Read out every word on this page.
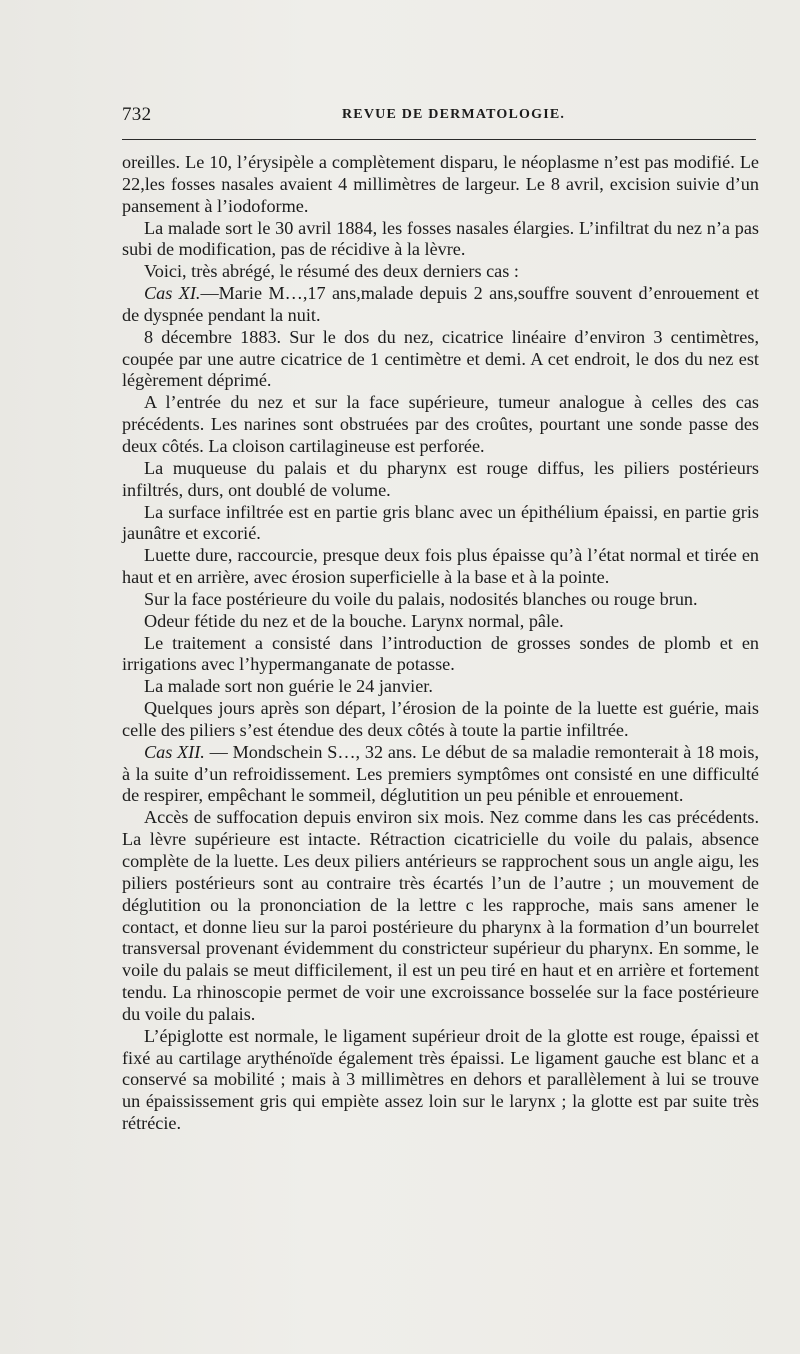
732	REVUE DE DERMATOLOGIE.

oreilles. Le 10, l’érysipèle a complètement disparu, le néoplasme n’est pas modifié. Le 22,les fosses nasales avaient 4 millimètres de largeur. Le 8 avril, excision suivie d’un pansement à l’iodoforme.

La malade sort le 30 avril 1884, les fosses nasales élargies. L’infiltrat du nez n’a pas subi de modification, pas de récidive à la lèvre.

Voici, très abrégé, le résumé des deux derniers cas :

Cas XI.—Marie M…,17 ans,malade depuis 2 ans,souffre souvent d’enrouement et de dyspnée pendant la nuit.

8 décembre 1883. Sur le dos du nez, cicatrice linéaire d’environ 3 centimètres, coupée par une autre cicatrice de 1 centimètre et demi. A cet endroit, le dos du nez est légèrement déprimé.

A l’entrée du nez et sur la face supérieure, tumeur analogue à celles des cas précédents. Les narines sont obstruées par des croûtes, pourtant une sonde passe des deux côtés. La cloison cartilagineuse est perforée.

La muqueuse du palais et du pharynx est rouge diffus, les piliers postérieurs infiltrés, durs, ont doublé de volume.

La surface infiltrée est en partie gris blanc avec un épithélium épaissi, en partie gris jaunâtre et excorié.

Luette dure, raccourcie, presque deux fois plus épaisse qu’à l’état normal et tirée en haut et en arrière, avec érosion superficielle à la base et à la pointe.

Sur la face postérieure du voile du palais, nodosités blanches ou rouge brun.

Odeur fétide du nez et de la bouche. Larynx normal, pâle.

Le traitement a consisté dans l’introduction de grosses sondes de plomb et en irrigations avec l’hypermanganate de potasse.

La malade sort non guérie le 24 janvier.

Quelques jours après son départ, l’érosion de la pointe de la luette est guérie, mais celle des piliers s’est étendue des deux côtés à toute la partie infiltrée.

Cas XII. — Mondschein S…, 32 ans. Le début de sa maladie remonterait à 18 mois, à la suite d’un refroidissement. Les premiers symptômes ont consisté en une difficulté de respirer, empêchant le sommeil, déglutition un peu pénible et enrouement.

Accès de suffocation depuis environ six mois. Nez comme dans les cas précédents. La lèvre supérieure est intacte. Rétraction cicatricielle du voile du palais, absence complète de la luette. Les deux piliers antérieurs se rapprochent sous un angle aigu, les piliers postérieurs sont au contraire très écartés l’un de l’autre ; un mouvement de déglutition ou la prononciation de la lettre c les rapproche, mais sans amener le contact, et donne lieu sur la paroi postérieure du pharynx à la formation d’un bourrelet transversal provenant évidemment du constricteur supérieur du pharynx. En somme, le voile du palais se meut difficilement, il est un peu tiré en haut et en arrière et fortement tendu. La rhinoscopie permet de voir une excroissance bosselée sur la face postérieure du voile du palais.

L’épiglotte est normale, le ligament supérieur droit de la glotte est rouge, épaissi et fixé au cartilage arythénoïde également très épaissi. Le ligament gauche est blanc et a conservé sa mobilité ; mais à 3 millimètres en dehors et parallèlement à lui se trouve un épaississement gris qui empiète assez loin sur le larynx ; la glotte est par suite très rétrécie.
